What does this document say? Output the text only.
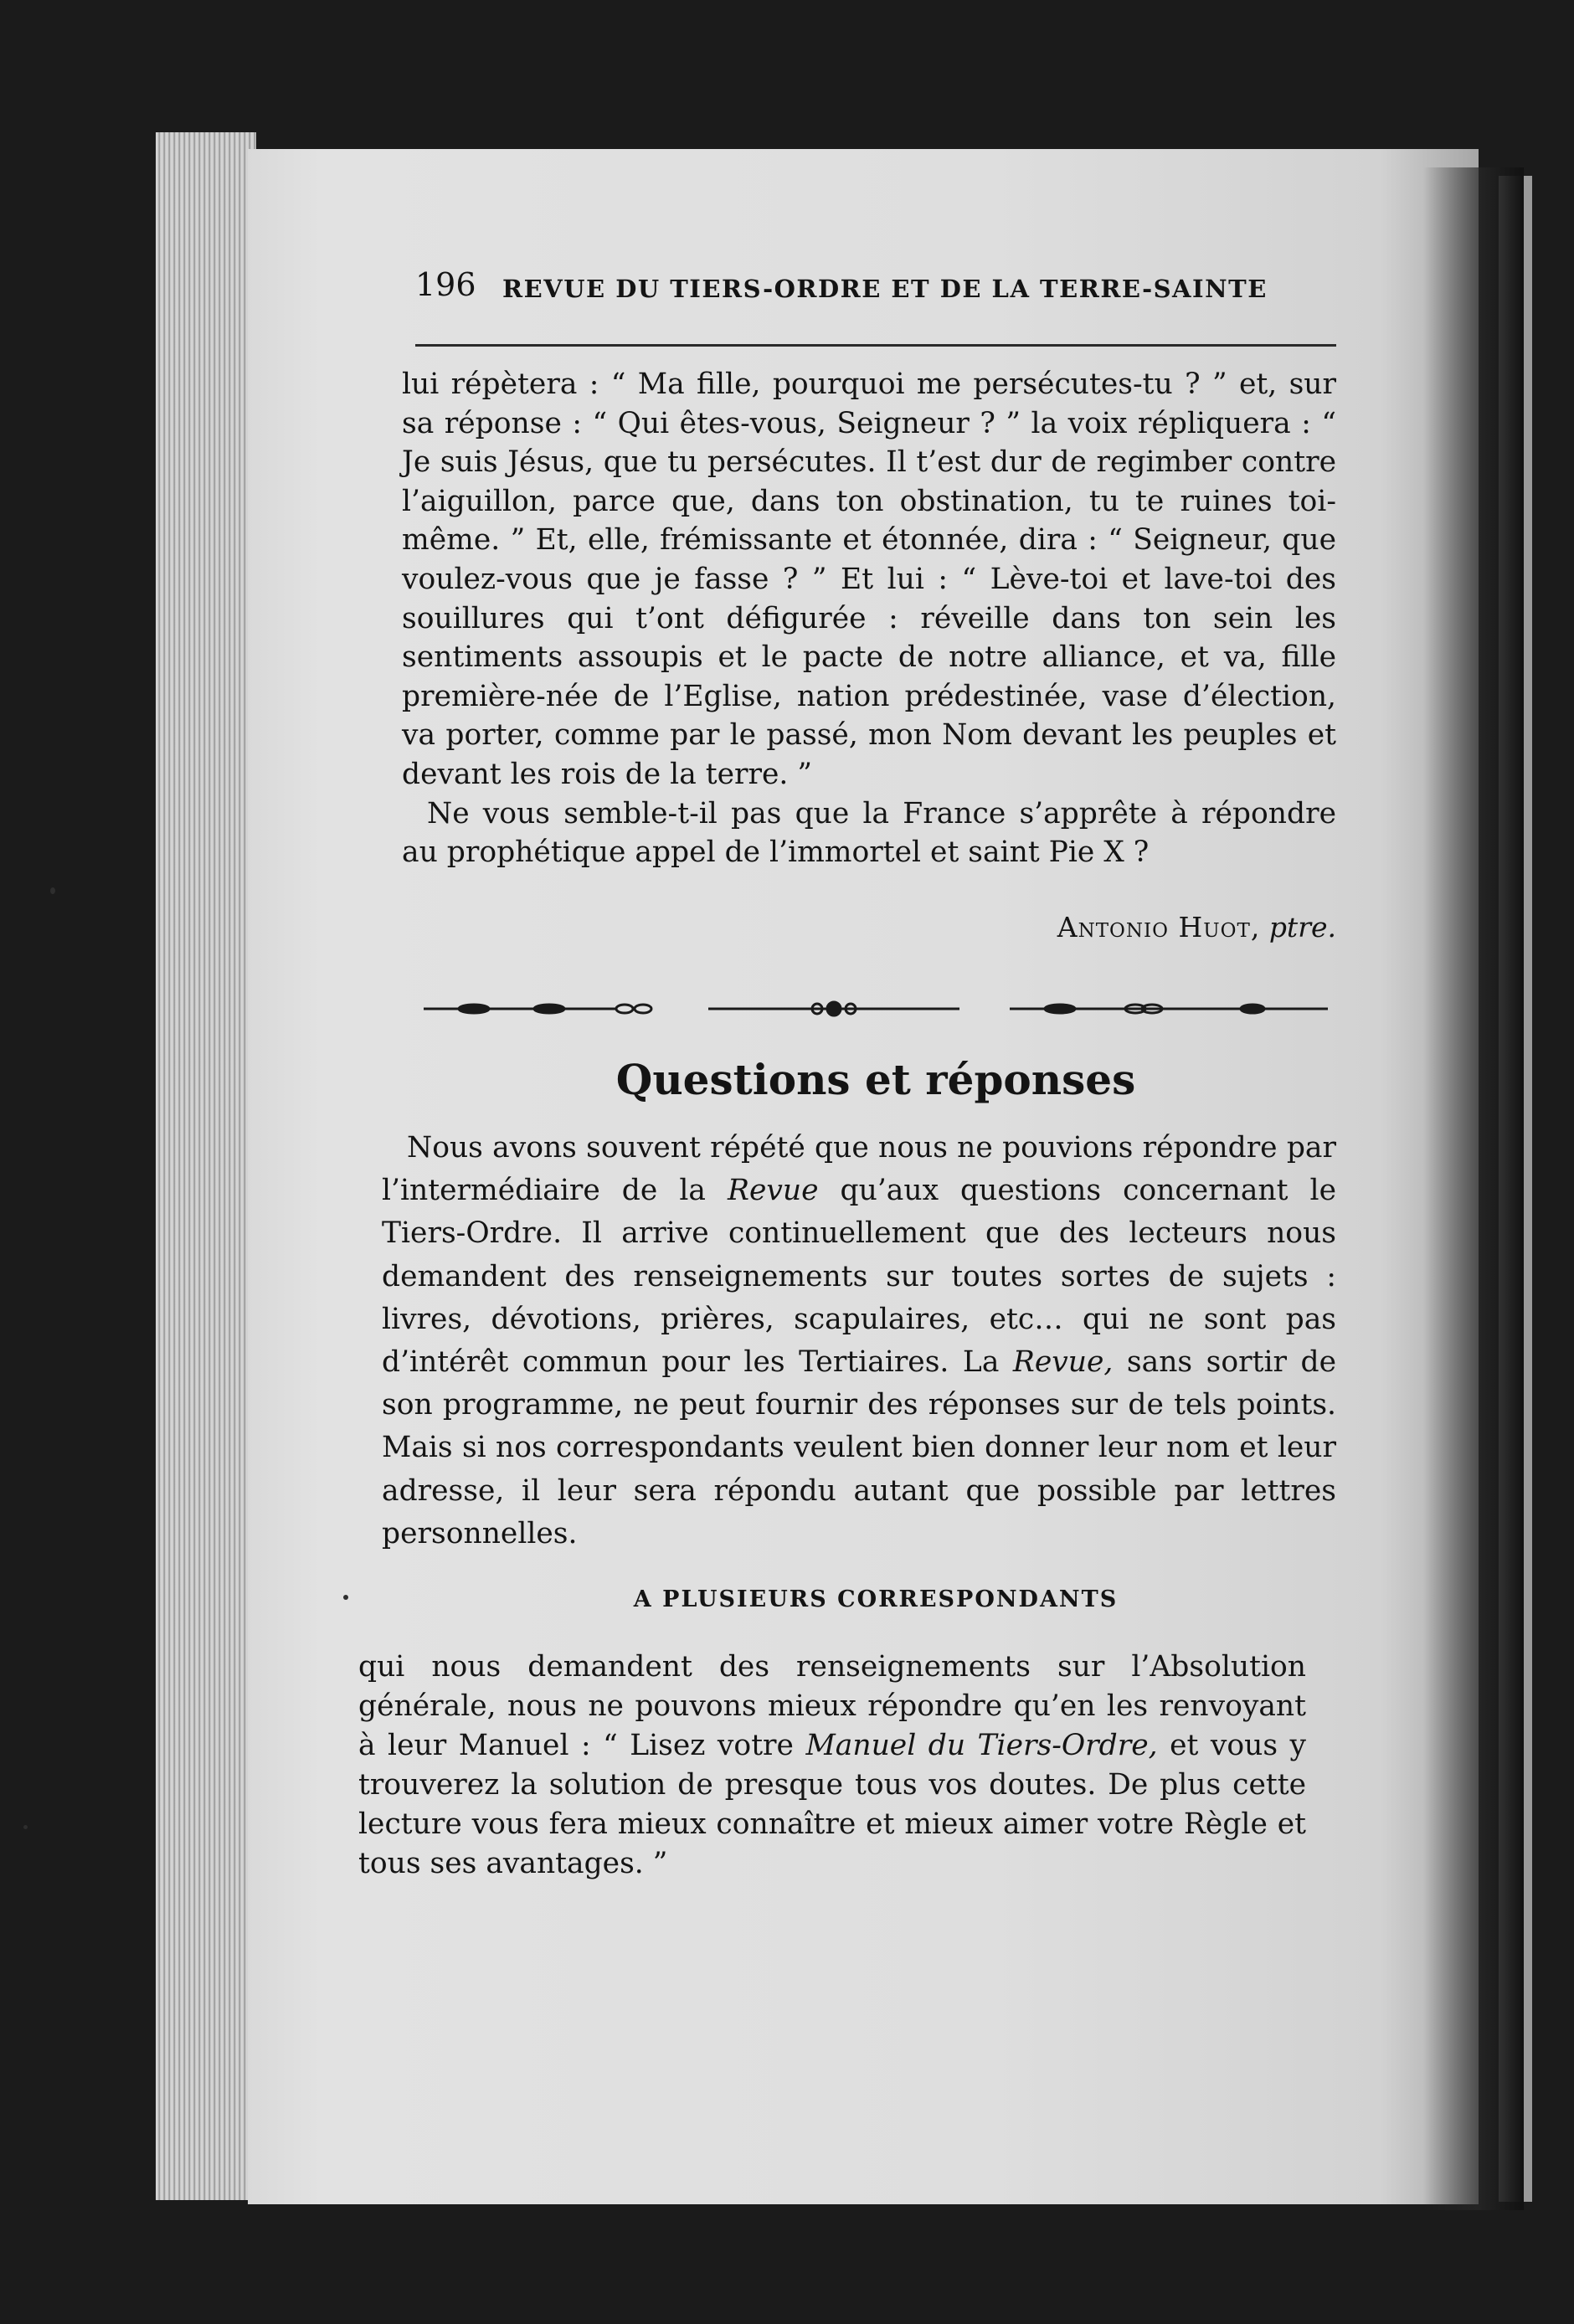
196 REVUE DU TIERS-ORDRE ET DE LA TERRE-SAINTE

lui répètera : “ Ma fille, pourquoi me persécutes-tu ? ” et, sur sa réponse : “ Qui êtes-vous, Seigneur ? ” la voix répliquera : “ Je suis Jésus, que tu persécutes. Il t’est dur de regimber contre l’aiguillon, parce que, dans ton obstination, tu te ruines toi-même. ” Et, elle, frémissante et étonnée, dira : “ Seigneur, que voulez-vous que je fasse ? ” Et lui : “ Lève-toi et lave-toi des souillures qui t’ont défigurée : réveille dans ton sein les sentiments assoupis et le pacte de notre alliance, et va, fille première-née de l’Eglise, nation prédestinée, vase d’élection, va porter, comme par le passé, mon Nom devant les peuples et devant les rois de la terre. ”

Ne vous semble-t-il pas que la France s’apprête à répondre au prophétique appel de l’immortel et saint Pie X ?

Antonio Huot, ptre.
Questions et réponses

Nous avons souvent répété que nous ne pouvions répondre par l’intermédiaire de la Revue qu’aux questions concernant le Tiers-Ordre. Il arrive continuellement que des lecteurs nous demandent des renseignements sur toutes sortes de sujets : livres, dévotions, prières, scapulaires, etc… qui ne sont pas d’intérêt commun pour les Tertiaires. La Revue, sans sortir de son programme, ne peut fournir des réponses sur de tels points. Mais si nos correspondants veulent bien donner leur nom et leur adresse, il leur sera répondu autant que possible par lettres personnelles.

A PLUSIEURS CORRESPONDANTS

qui nous demandent des renseignements sur l’Absolution générale, nous ne pouvons mieux répondre qu’en les renvoyant à leur Manuel : “ Lisez votre Manuel du Tiers-Ordre, et vous y trouverez la solution de presque tous vos doutes. De plus cette lecture vous fera mieux connaître et mieux aimer votre Règle et tous ses avantages. ”
